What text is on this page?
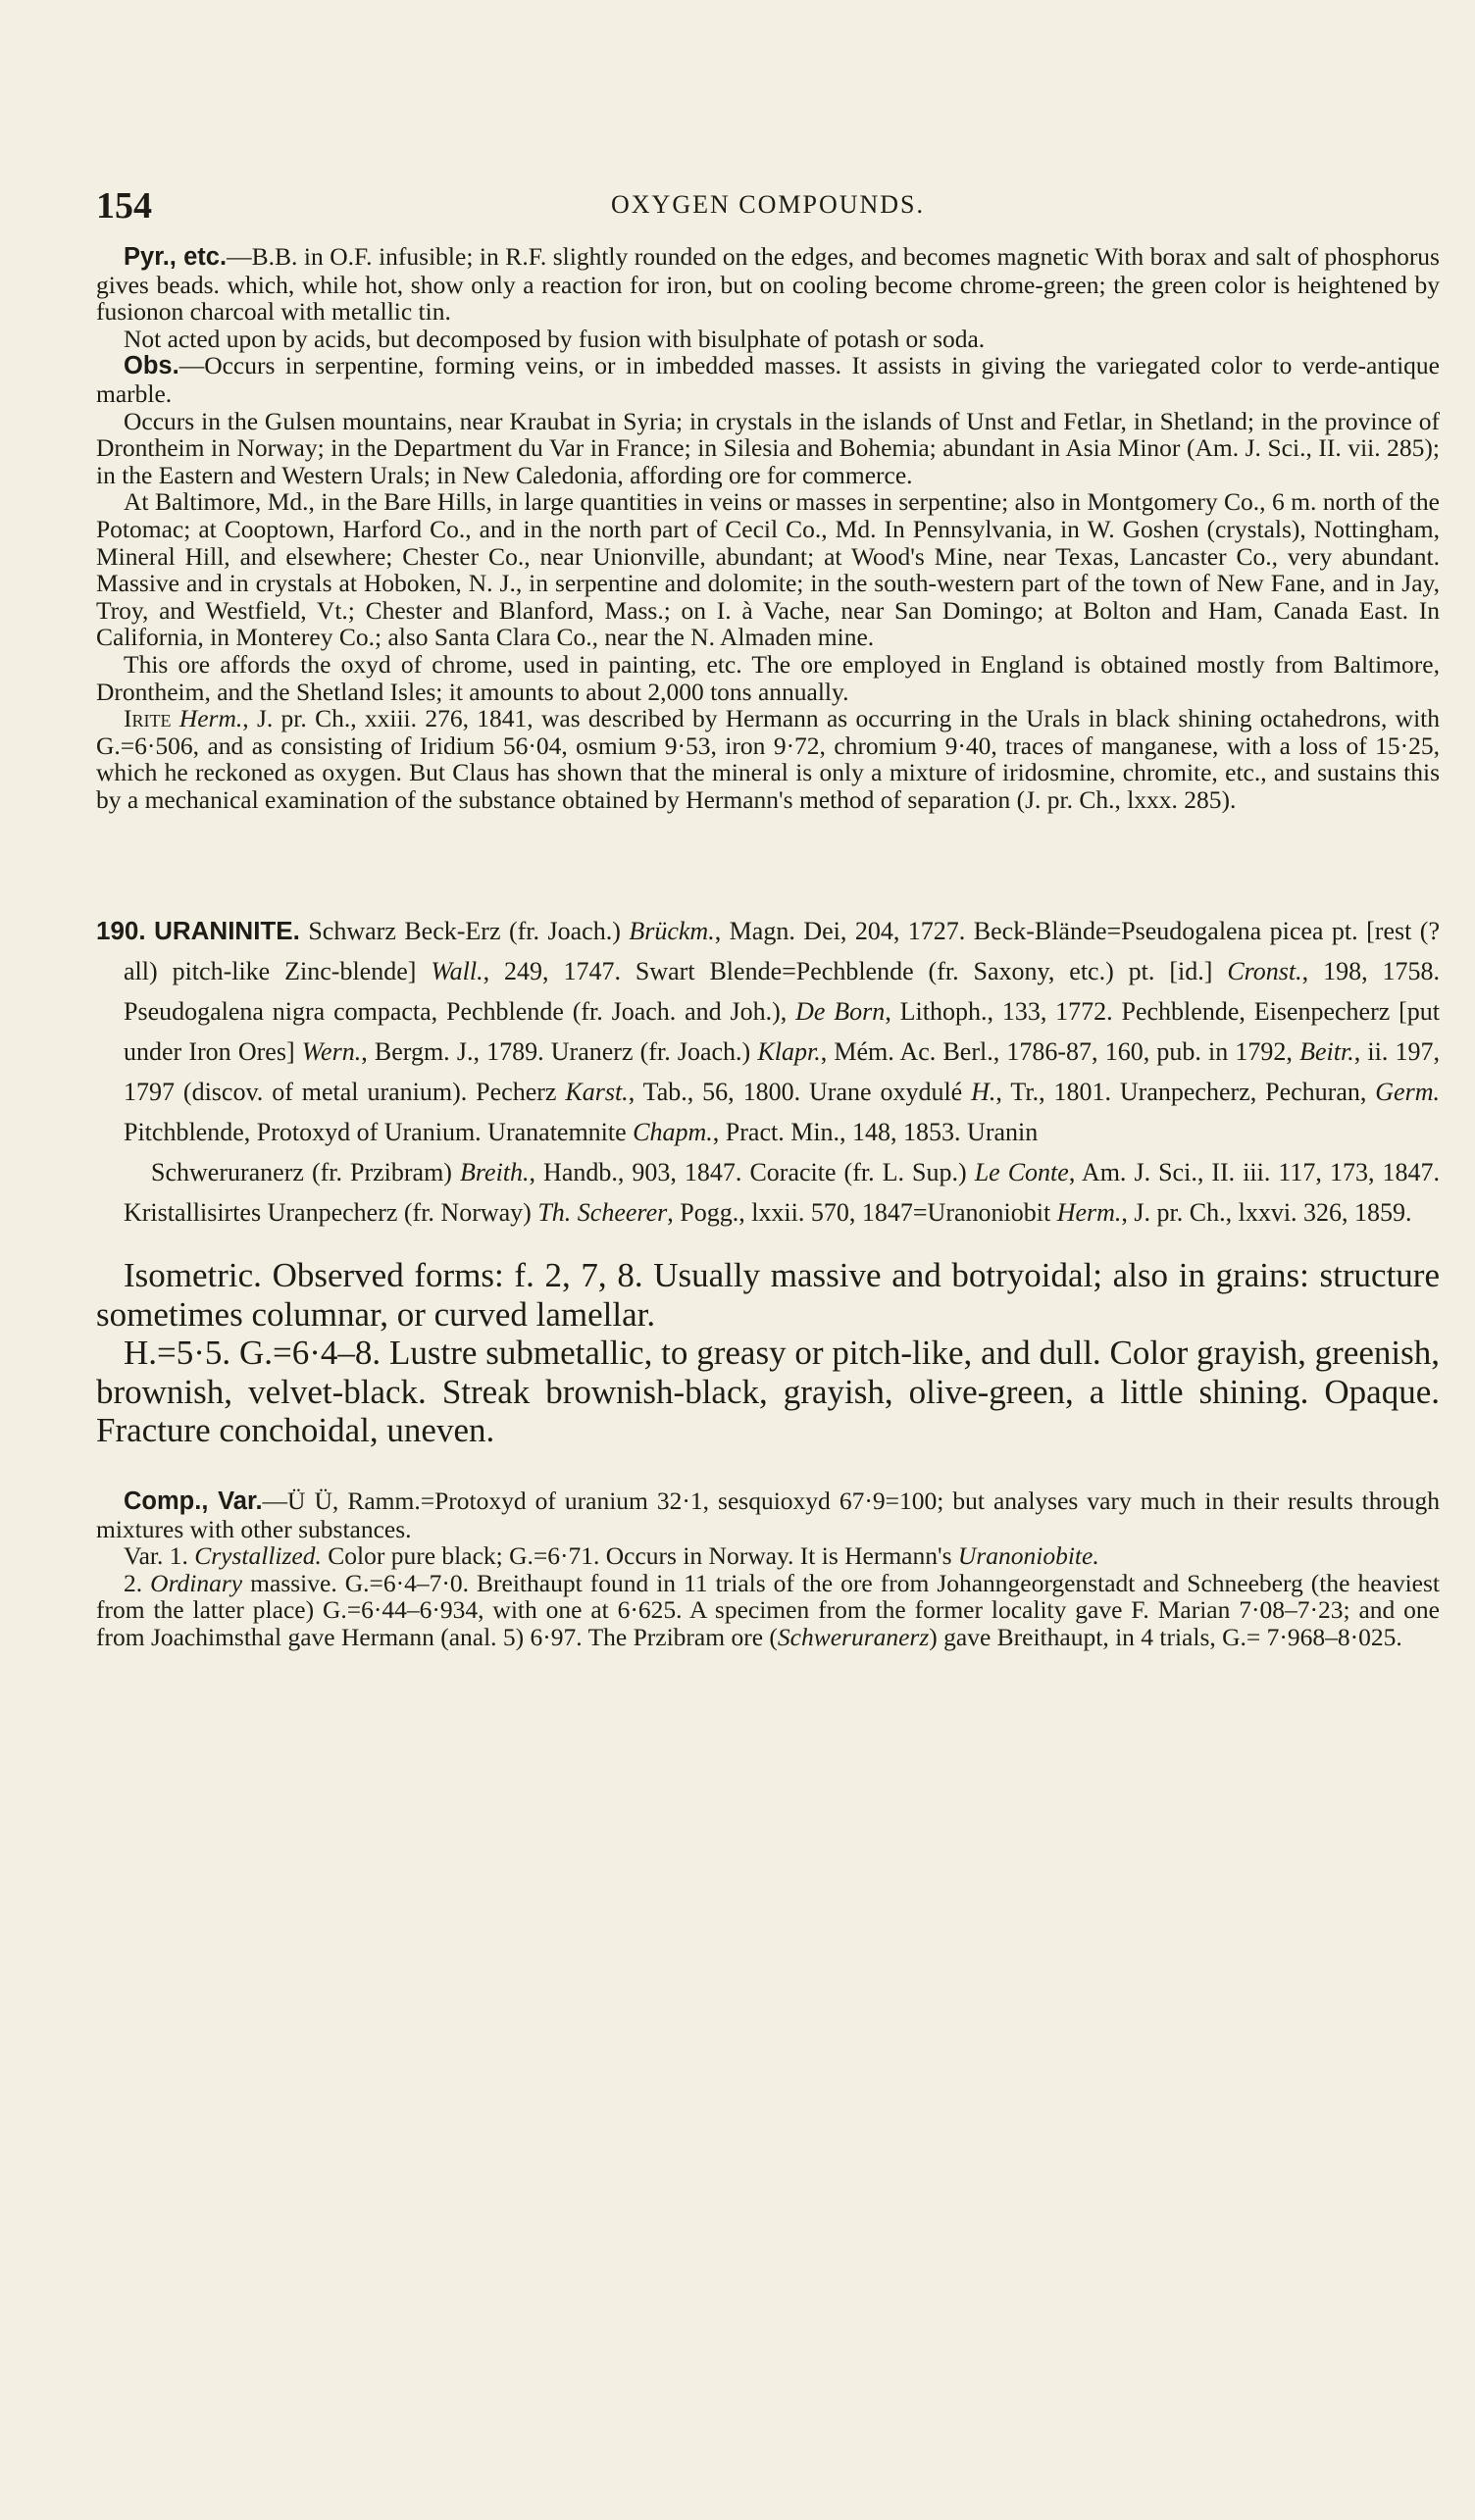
154	OXYGEN COMPOUNDS.

Pyr., etc.—B.B. in O.F. infusible; in R.F. slightly rounded on the edges, and becomes magnetic With borax and salt of phosphorus gives beads. which, while hot, show only a reaction for iron, but on cooling become chrome-green; the green color is heightened by fusionon charcoal with metallic tin.

Not acted upon by acids, but decomposed by fusion with bisulphate of potash or soda.

Obs.—Occurs in serpentine, forming veins, or in imbedded masses. It assists in giving the variegated color to verde-antique marble.

Occurs in the Gulsen mountains, near Kraubat in Syria; in crystals in the islands of Unst and Fetlar, in Shetland; in the province of Drontheim in Norway; in the Department du Var in France; in Silesia and Bohemia; abundant in Asia Minor (Am. J. Sci., II. vii. 285); in the Eastern and Western Urals; in New Caledonia, affording ore for commerce.

At Baltimore, Md., in the Bare Hills, in large quantities in veins or masses in serpentine; also in Montgomery Co., 6 m. north of the Potomac; at Cooptown, Harford Co., and in the north part of Cecil Co., Md. In Pennsylvania, in W. Goshen (crystals), Nottingham, Mineral Hill, and elsewhere; Chester Co., near Unionville, abundant; at Wood's Mine, near Texas, Lancaster Co., very abundant. Massive and in crystals at Hoboken, N. J., in serpentine and dolomite; in the south-western part of the town of New Fane, and in Jay, Troy, and Westfield, Vt.; Chester and Blanford, Mass.; on I. à Vache, near San Domingo; at Bolton and Ham, Canada East. In California, in Monterey Co.; also Santa Clara Co., near the N. Almaden mine.

This ore affords the oxyd of chrome, used in painting, etc. The ore employed in England is obtained mostly from Baltimore, Drontheim, and the Shetland Isles; it amounts to about 2,000 tons annually.

Irite Herm., J. pr. Ch., xxiii. 276, 1841, was described by Hermann as occurring in the Urals in black shining octahedrons, with G.=6·506, and as consisting of Iridium 56·04, osmium 9·53, iron 9·72, chromium 9·40, traces of manganese, with a loss of 15·25, which he reckoned as oxygen. But Claus has shown that the mineral is only a mixture of iridosmine, chromite, etc., and sustains this by a mechanical examination of the substance obtained by Hermann's method of separation (J. pr. Ch., lxxx. 285).

190. URANINITE. Schwarz Beck-Erz (fr. Joach.) Brückm., Magn. Dei, 204, 1727. Beck-Blände=Pseudogalena picea pt. [rest (? all) pitch-like Zinc-blende] Wall., 249, 1747. Swart Blende=Pechblende (fr. Saxony, etc.) pt. [id.] Cronst., 198, 1758. Pseudogalena nigra compacta, Pechblende (fr. Joach. and Joh.), De Born, Lithoph., 133, 1772. Pechblende, Eisenpecherz [put under Iron Ores] Wern., Bergm. J., 1789. Uranerz (fr. Joach.) Klapr., Mém. Ac. Berl., 1786-87, 160, pub. in 1792, Beitr., ii. 197, 1797 (discov. of metal uranium). Pecherz Karst., Tab., 56, 1800. Urane oxydulé H., Tr., 1801. Uranpecherz, Pechuran, Germ. Pitchblende, Protoxyd of Uranium. Uranatemnite Chapm., Pract. Min., 148, 1853. Uranin

Schweruranerz (fr. Przibram) Breith., Handb., 903, 1847. Coracite (fr. L. Sup.) Le Conte, Am. J. Sci., II. iii. 117, 173, 1847. Kristallisirtes Uranpecherz (fr. Norway) Th. Scheerer, Pogg., lxxii. 570, 1847=Uranoniobit Herm., J. pr. Ch., lxxvi. 326, 1859.

Isometric. Observed forms: f. 2, 7, 8. Usually massive and botryoidal; also in grains: structure sometimes columnar, or curved lamellar.

H.=5·5. G.=6·4–8. Lustre submetallic, to greasy or pitch-like, and dull. Color grayish, greenish, brownish, velvet-black. Streak brownish-black, grayish, olive-green, a little shining. Opaque. Fracture conchoidal, uneven.

Comp., Var.—Ü Ü, Ramm.=Protoxyd of uranium 32·1, sesquioxyd 67·9=100; but analyses vary much in their results through mixtures with other substances.

Var. 1. Crystallized. Color pure black; G.=6·71. Occurs in Norway. It is Hermann's Uranoniobite.

2. Ordinary massive. G.=6·4–7·0. Breithaupt found in 11 trials of the ore from Johanngeorgenstadt and Schneeberg (the heaviest from the latter place) G.=6·44–6·934, with one at 6·625. A specimen from the former locality gave F. Marian 7·08–7·23; and one from Joachimsthal gave Hermann (anal. 5) 6·97. The Przibram ore (Schweruranerz) gave Breithaupt, in 4 trials, G.= 7·968–8·025.
